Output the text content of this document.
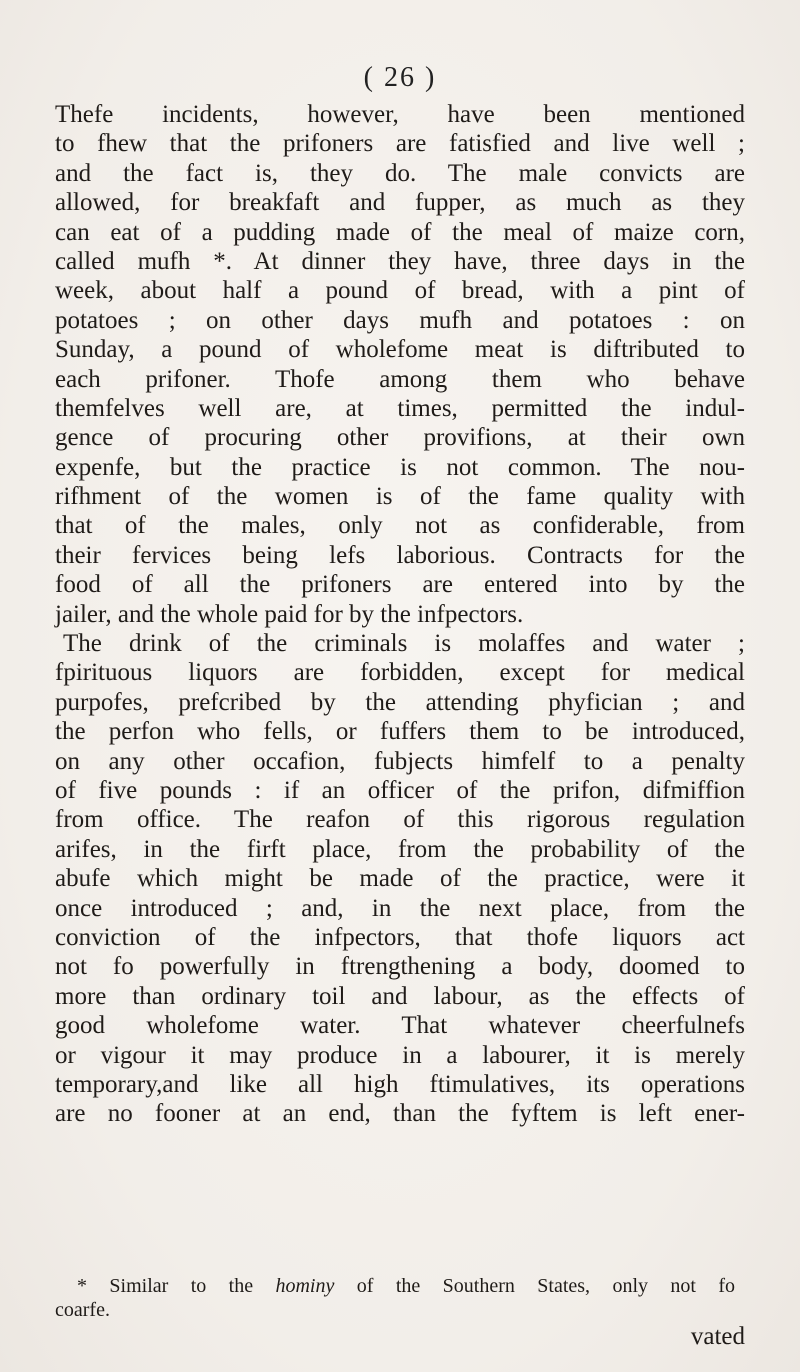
( 26 )
Thefe incidents, however, have been mentioned
to fhew that the prifoners are fatisfied and live well ;
and the fact is, they do. The male convicts are
allowed, for breakfaft and fupper, as much as they
can eat of a pudding made of the meal of maize corn,
called mufh *. At dinner they have, three days in the
week, about half a pound of bread, with a pint of
potatoes ; on other days mufh and potatoes : on
Sunday, a pound of wholefome meat is diftributed to
each prifoner. Thofe among them who behave
themfelves well are, at times, permitted the indul-
gence of procuring other provifions, at their own
expenfe, but the practice is not common. The nou-
rifhment of the women is of the fame quality with
that of the males, only not as confiderable, from
their fervices being lefs laborious. Contracts for the
food of all the prifoners are entered into by the
jailer, and the whole paid for by the infpectors.
The drink of the criminals is molaffes and water ;
fpirituous liquors are forbidden, except for medical
purpofes, prefcribed by the attending phyfician ; and
the perfon who fells, or fuffers them to be introduced,
on any other occafion, fubjects himfelf to a penalty
of five pounds : if an officer of the prifon, difmiffion
from office. The reafon of this rigorous regulation
arifes, in the firft place, from the probability of the
abufe which might be made of the practice, were it
once introduced ; and, in the next place, from the
conviction of the infpectors, that thofe liquors act
not fo powerfully in ftrengthening a body, doomed to
more than ordinary toil and labour, as the effects of
good wholefome water. That whatever cheerfulnefs
or vigour it may produce in a labourer, it is merely
temporary,and like all high ftimulatives, its operations
are no fooner at an end, than the fyftem is left ener-
* Similar to the hominy of the Southern States, only not fo
coarfe.
vated
